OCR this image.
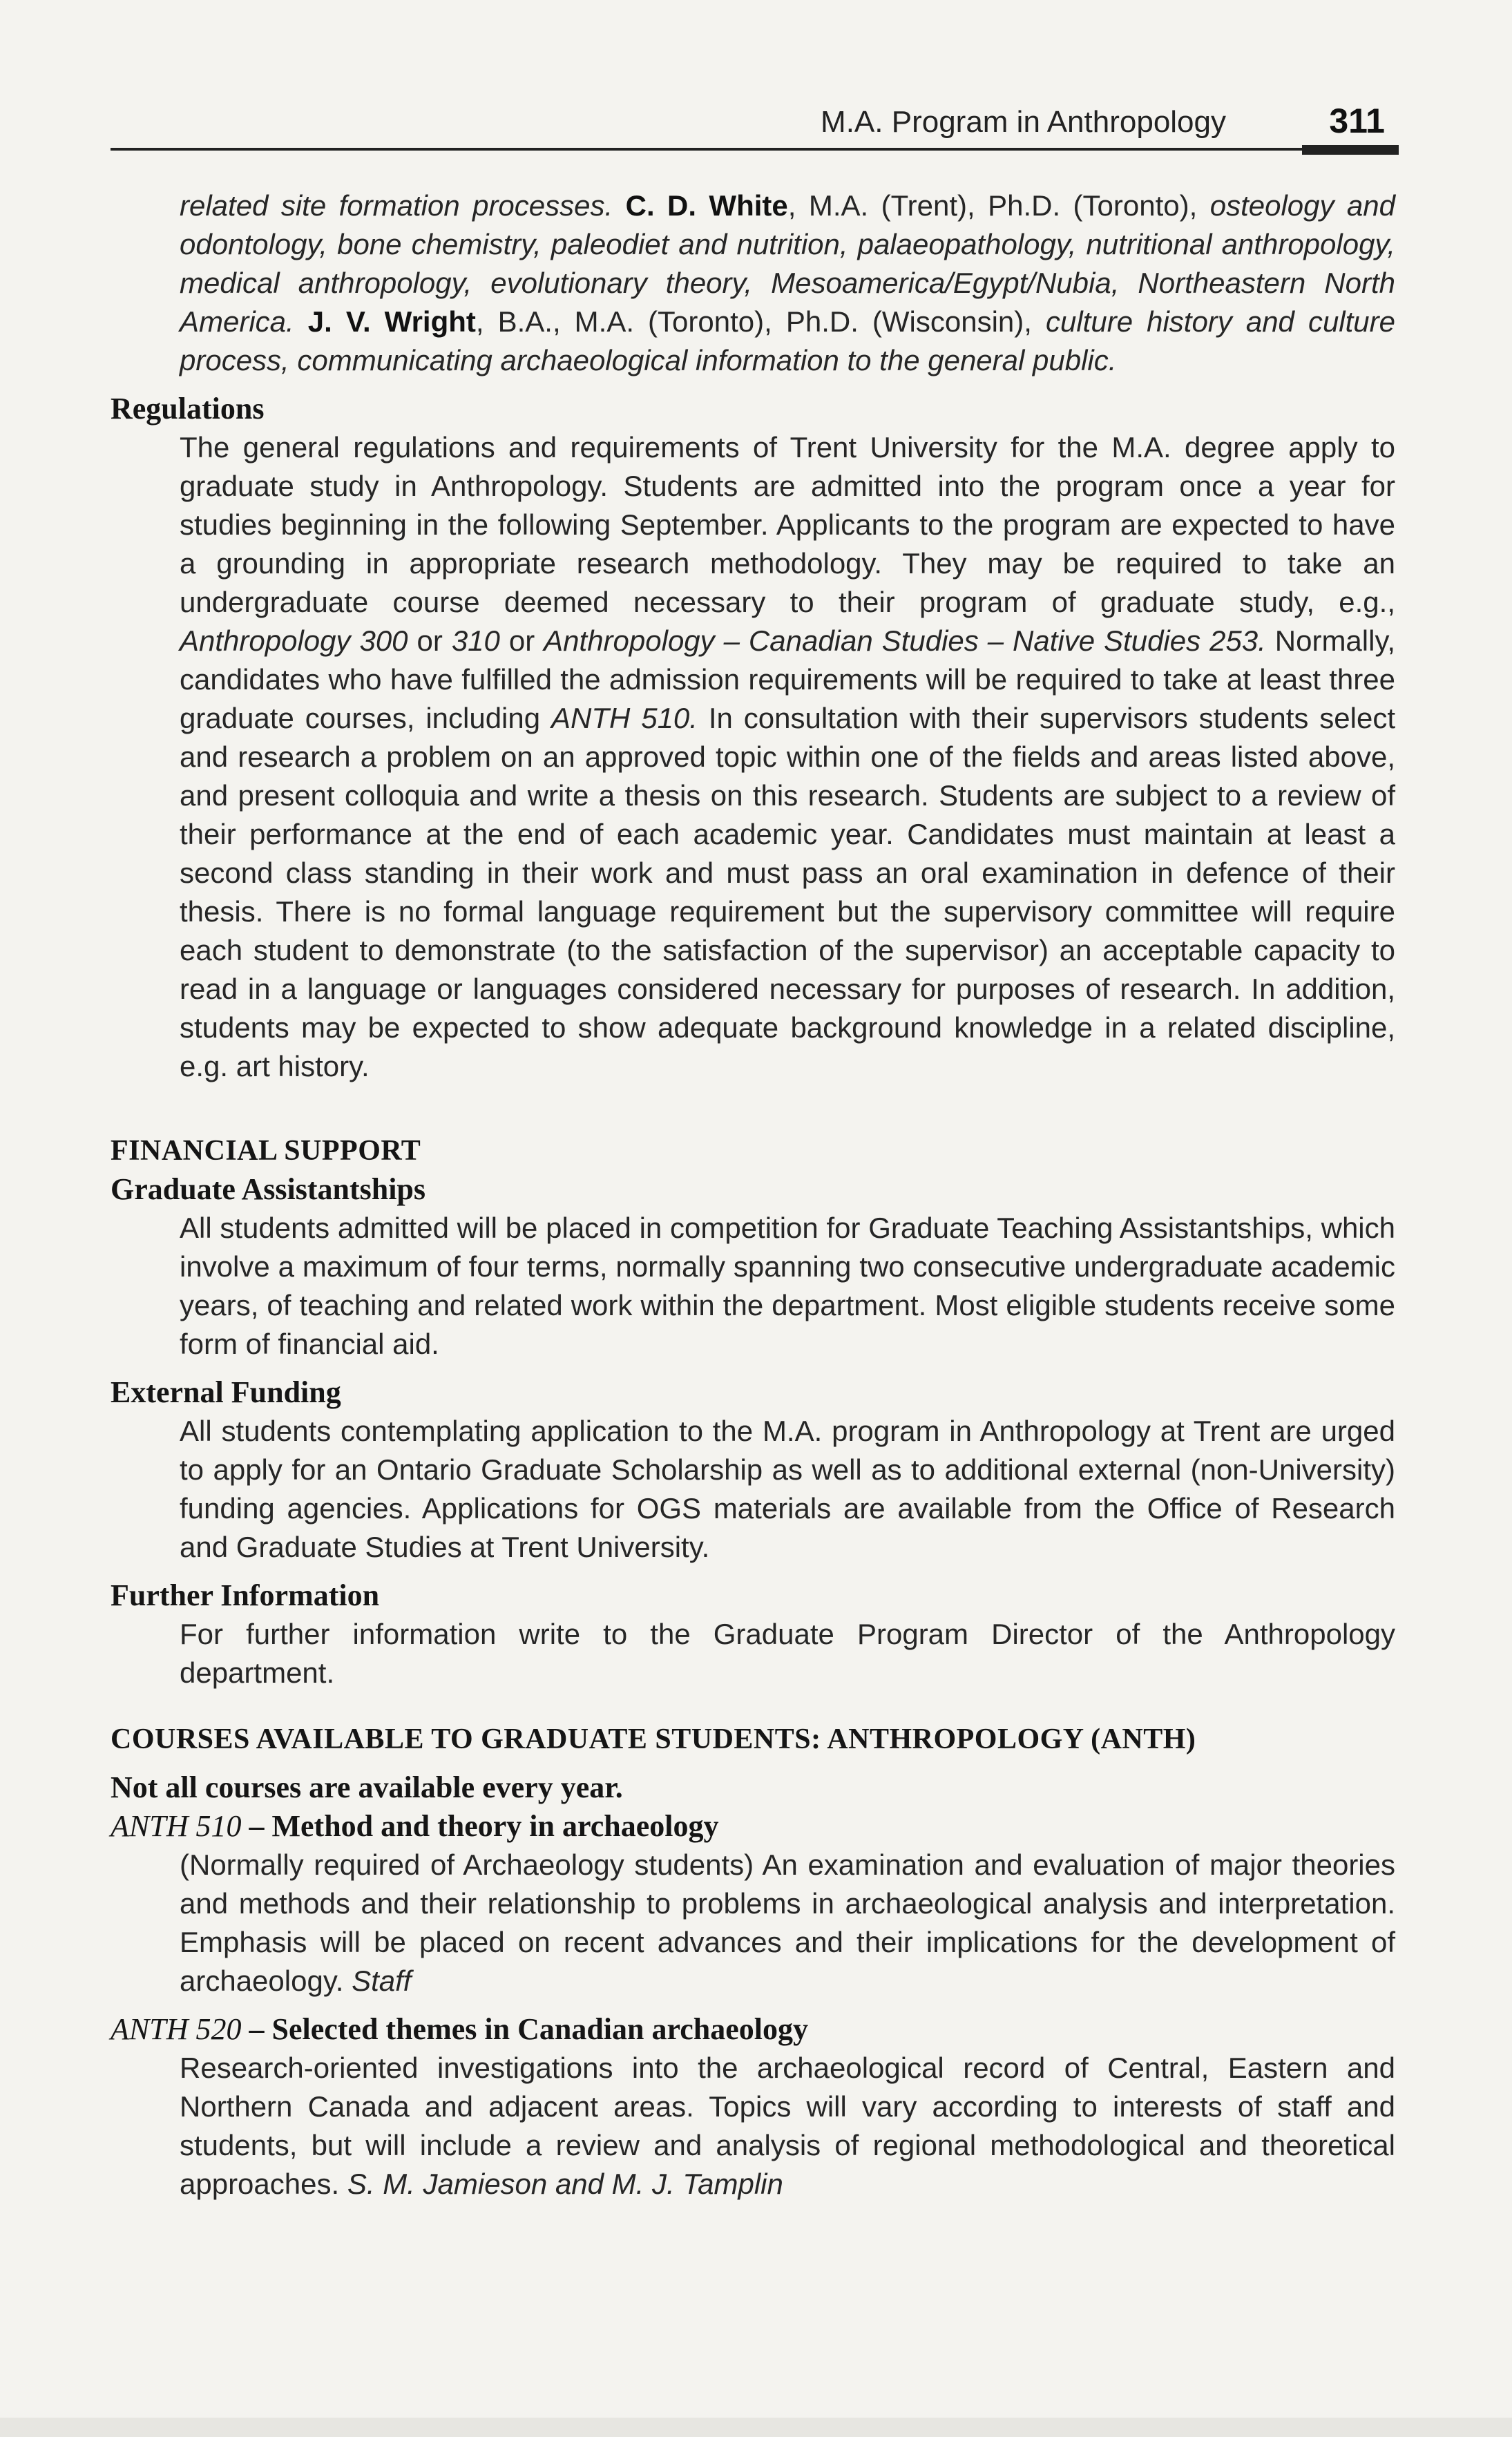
M.A. Program in Anthropology	311

related site formation processes. C. D. White, M.A. (Trent), Ph.D. (Toronto), osteology and odontology, bone chemistry, paleodiet and nutrition, palaeopathology, nutritional anthropology, medical anthropology, evolutionary theory, Mesoamerica/Egypt/Nubia, Northeastern North America. J. V. Wright, B.A., M.A. (Toronto), Ph.D. (Wisconsin), culture history and culture process, communicating archaeological information to the general public.

Regulations

The general regulations and requirements of Trent University for the M.A. degree apply to graduate study in Anthropology. Students are admitted into the program once a year for studies beginning in the following September. Applicants to the program are expected to have a grounding in appropriate research methodology. They may be required to take an undergraduate course deemed necessary to their program of graduate study, e.g., Anthropology 300 or 310 or Anthropology – Canadian Studies – Native Studies 253. Normally, candidates who have fulfilled the admission requirements will be required to take at least three graduate courses, including ANTH 510. In consultation with their supervisors students select and research a problem on an approved topic within one of the fields and areas listed above, and present colloquia and write a thesis on this research. Students are subject to a review of their performance at the end of each academic year. Candidates must maintain at least a second class standing in their work and must pass an oral examination in defence of their thesis. There is no formal language requirement but the supervisory committee will require each student to demonstrate (to the satisfaction of the supervisor) an acceptable capacity to read in a language or languages considered necessary for purposes of research. In addition, students may be expected to show adequate background knowledge in a related discipline, e.g. art history.

FINANCIAL SUPPORT

Graduate Assistantships

All students admitted will be placed in competition for Graduate Teaching Assistantships, which involve a maximum of four terms, normally spanning two consecutive undergraduate academic years, of teaching and related work within the department. Most eligible students receive some form of financial aid.

External Funding

All students contemplating application to the M.A. program in Anthropology at Trent are urged to apply for an Ontario Graduate Scholarship as well as to additional external (non-University) funding agencies. Applications for OGS materials are available from the Office of Research and Graduate Studies at Trent University.

Further Information

For further information write to the Graduate Program Director of the Anthropology department.

COURSES AVAILABLE TO GRADUATE STUDENTS: ANTHROPOLOGY (ANTH)

Not all courses are available every year.

ANTH 510 – Method and theory in archaeology

(Normally required of Archaeology students) An examination and evaluation of major theories and methods and their relationship to problems in archaeological analysis and interpretation. Emphasis will be placed on recent advances and their implications for the development of archaeology. Staff

ANTH 520 – Selected themes in Canadian archaeology

Research-oriented investigations into the archaeological record of Central, Eastern and Northern Canada and adjacent areas. Topics will vary according to interests of staff and students, but will include a review and analysis of regional methodological and theoretical approaches. S. M. Jamieson and M. J. Tamplin
